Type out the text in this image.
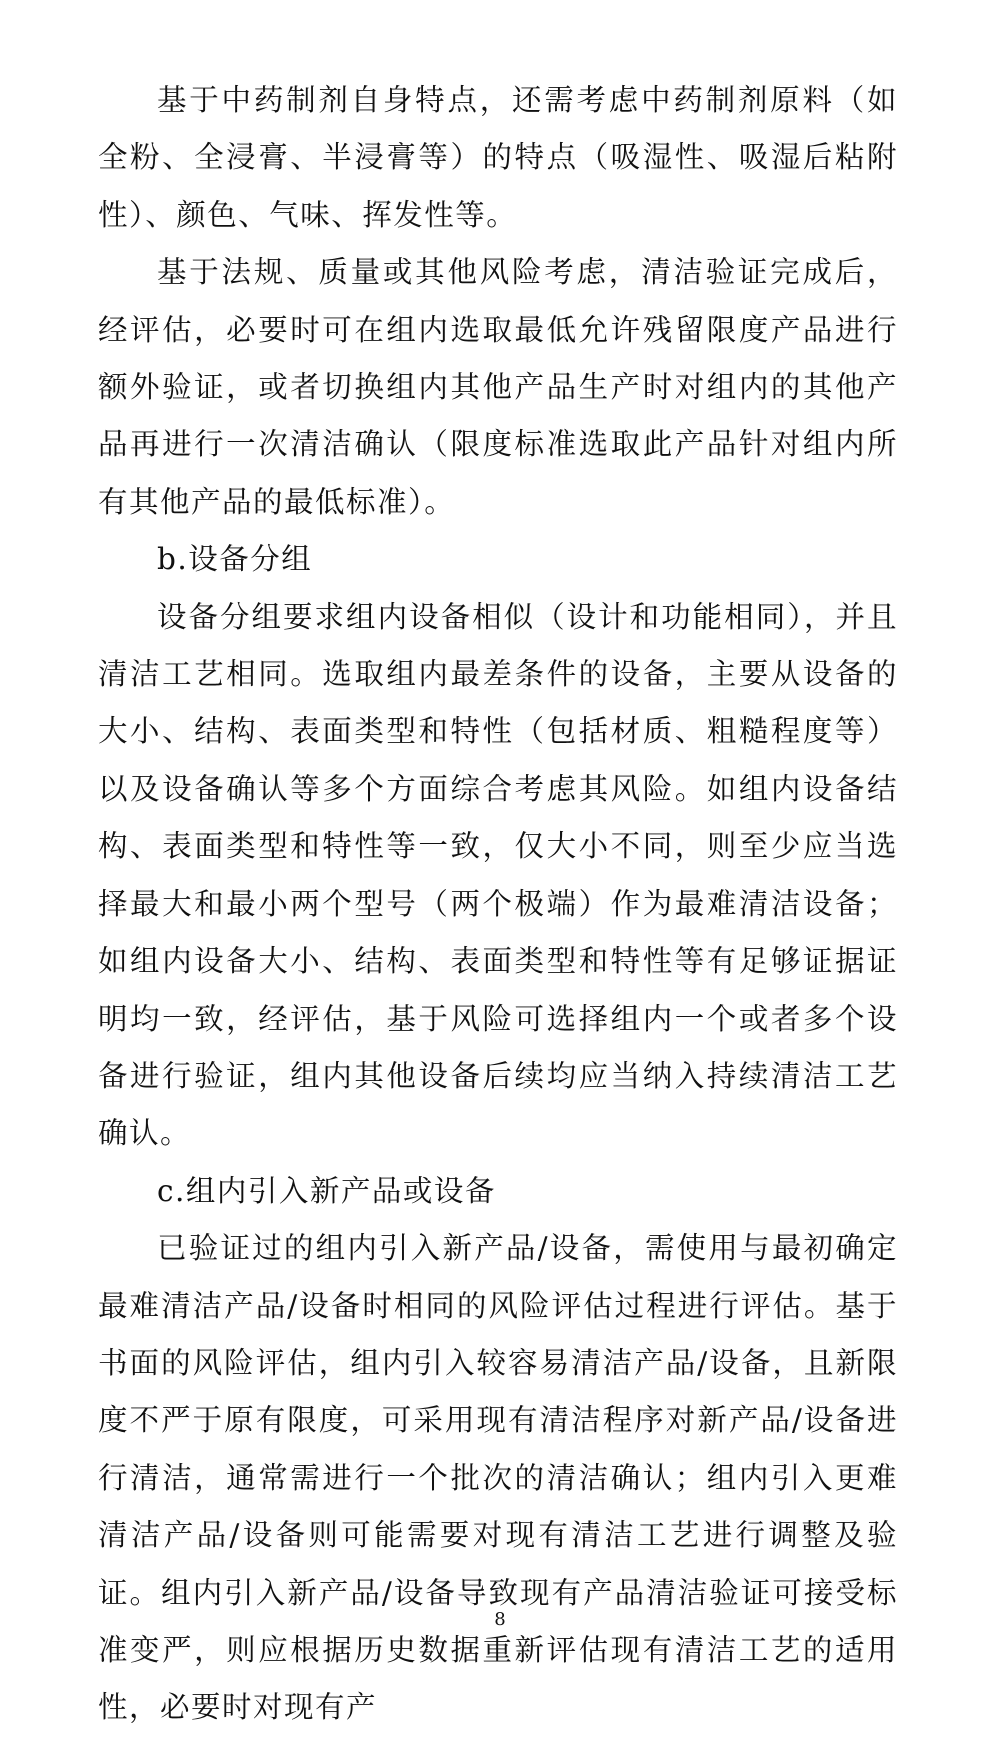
基于中药制剂自身特点，还需考虑中药制剂原料（如全粉、全浸膏、半浸膏等）的特点（吸湿性、吸湿后粘附性）、颜色、气味、挥发性等。

基于法规、质量或其他风险考虑，清洁验证完成后，经评估，必要时可在组内选取最低允许残留限度产品进行额外验证，或者切换组内其他产品生产时对组内的其他产品再进行一次清洁确认（限度标准选取此产品针对组内所有其他产品的最低标准）。

b.设备分组

设备分组要求组内设备相似（设计和功能相同），并且清洁工艺相同。选取组内最差条件的设备，主要从设备的大小、结构、表面类型和特性（包括材质、粗糙程度等）以及设备确认等多个方面综合考虑其风险。如组内设备结构、表面类型和特性等一致，仅大小不同，则至少应当选择最大和最小两个型号（两个极端）作为最难清洁设备；如组内设备大小、结构、表面类型和特性等有足够证据证明均一致，经评估，基于风险可选择组内一个或者多个设备进行验证，组内其他设备后续均应当纳入持续清洁工艺确认。

c.组内引入新产品或设备

已验证过的组内引入新产品/设备，需使用与最初确定最难清洁产品/设备时相同的风险评估过程进行评估。基于书面的风险评估，组内引入较容易清洁产品/设备，且新限度不严于原有限度，可采用现有清洁程序对新产品/设备进行清洁，通常需进行一个批次的清洁确认；组内引入更难清洁产品/设备则可能需要对现有清洁工艺进行调整及验证。组内引入新产品/设备导致现有产品清洁验证可接受标准变严，则应根据历史数据重新评估现有清洁工艺的适用性，必要时对现有产

8
